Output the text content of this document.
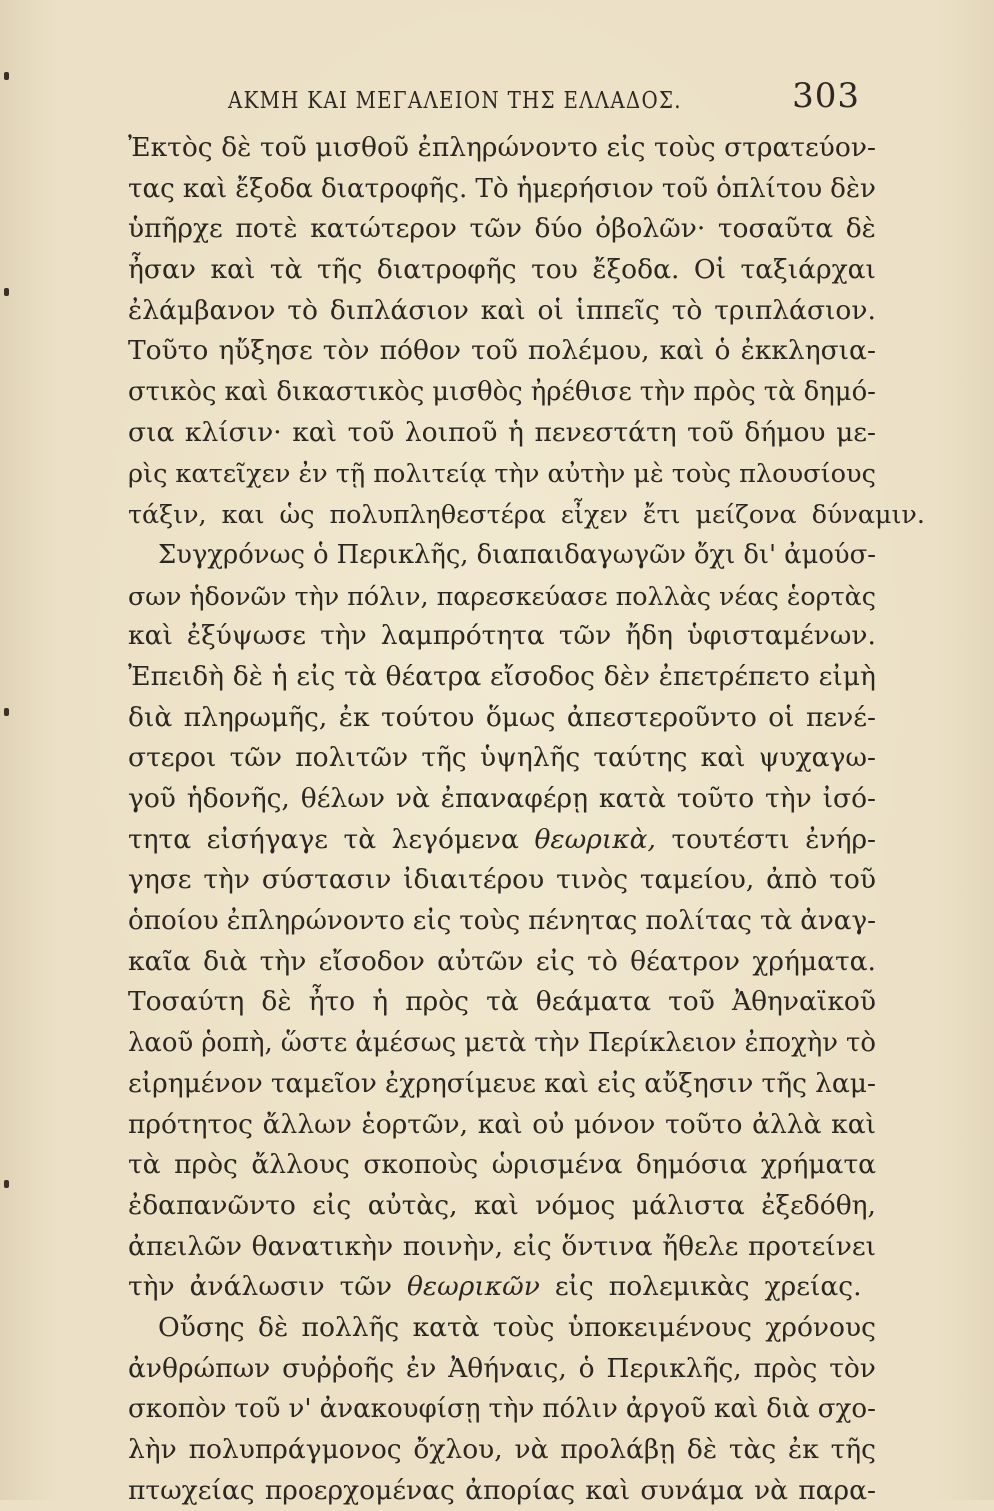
ΑΚΜΗ ΚΑΙ ΜΕΓΑΛΕΙΟΝ ΤΗΣ ΕΛΛΑΔΟΣ.	303
Ἐκτὸς δὲ τοῦ μισθοῦ ἐπληρώνοντο εἰς τοὺς στρατεύον-
τας καὶ ἔξοδα διατροφῆς. Τὸ ἡμερήσιον τοῦ ὁπλίτου δὲν
ὑπῆρχε ποτὲ κατώτερον τῶν δύο ὀβολῶν· τοσαῦτα δὲ
ἦσαν καὶ τὰ τῆς διατροφῆς του ἔξοδα. Οἱ ταξιάρχαι
ἐλάμβανον τὸ διπλάσιον καὶ οἱ ἱππεῖς τὸ τριπλάσιον.
Τοῦτο ηὔξησε τὸν πόθον τοῦ πολέμου, καὶ ὁ ἐκκλησια-
στικὸς καὶ δικαστικὸς μισθὸς ἠρέθισε τὴν πρὸς τὰ δημό-
σια κλίσιν· καὶ τοῦ λοιποῦ ἡ πενεστάτη τοῦ δήμου με-
ρὶς κατεῖχεν ἐν τῇ πολιτείᾳ τὴν αὐτὴν μὲ τοὺς πλουσίους
τάξιν, και ὡς πολυπληθεστέρα εἶχεν ἔτι μείζονα δύναμιν.
Συγχρόνως ὁ Περικλῆς, διαπαιδαγωγῶν ὄχι δι' ἀμούσ-
σων ἡδονῶν τὴν πόλιν, παρεσκεύασε πολλὰς νέας ἑορτὰς
καὶ ἐξύψωσε τὴν λαμπρότητα τῶν ἤδη ὑφισταμένων.
Ἐπειδὴ δὲ ἡ εἰς τὰ θέατρα εἴσοδος δὲν ἐπετρέπετο εἰμὴ
διὰ πληρωμῆς, ἐκ τούτου ὅμως ἀπεστεροῦντο οἱ πενέ-
στεροι τῶν πολιτῶν τῆς ὑψηλῆς ταύτης καὶ ψυχαγω-
γοῦ ἡδονῆς, θέλων νὰ ἐπαναφέρῃ κατὰ τοῦτο τὴν ἰσό-
τητα εἰσήγαγε τὰ λεγόμενα θεωρικὰ, τουτέστι ἐνήρ-
γησε τὴν σύστασιν ἰδιαιτέρου τινὸς ταμείου, ἀπὸ τοῦ
ὁποίου ἐπληρώνοντο εἰς τοὺς πένητας πολίτας τὰ ἀναγ-
καῖα διὰ τὴν εἴσοδον αὐτῶν εἰς τὸ θέατρον χρήματα.
Τοσαύτη δὲ ἦτο ἡ πρὸς τὰ θεάματα τοῦ Ἀθηναϊκοῦ
λαοῦ ῥοπὴ, ὥστε ἀμέσως μετὰ τὴν Περίκλειον ἐποχὴν τὸ
εἰρημένον ταμεῖον ἐχρησίμευε καὶ εἰς αὔξησιν τῆς λαμ-
πρότητος ἄλλων ἑορτῶν, καὶ οὐ μόνον τοῦτο ἀλλὰ καὶ
τὰ πρὸς ἄλλους σκοποὺς ὡρισμένα δημόσια χρήματα
ἐδαπανῶντο εἰς αὐτὰς, καὶ νόμος μάλιστα ἐξεδόθη,
ἀπειλῶν θανατικὴν ποινὴν, εἰς ὅντινα ἤθελε προτείνει
τὴν ἀνάλωσιν τῶν θεωρικῶν εἰς πολεμικὰς χρείας.
Οὔσης δὲ πολλῆς κατὰ τοὺς ὑποκειμένους χρόνους
ἀνθρώπων συῤῥοῆς ἐν Ἀθήναις, ὁ Περικλῆς, πρὸς τὸν
σκοπὸν τοῦ ν' ἀνακουφίσῃ τὴν πόλιν ἀργοῦ καὶ διὰ σχο-
λὴν πολυπράγμονος ὄχλου, νὰ προλάβῃ δὲ τὰς ἐκ τῆς
πτωχείας προερχομένας ἀπορίας καὶ συνάμα νὰ παρα-
